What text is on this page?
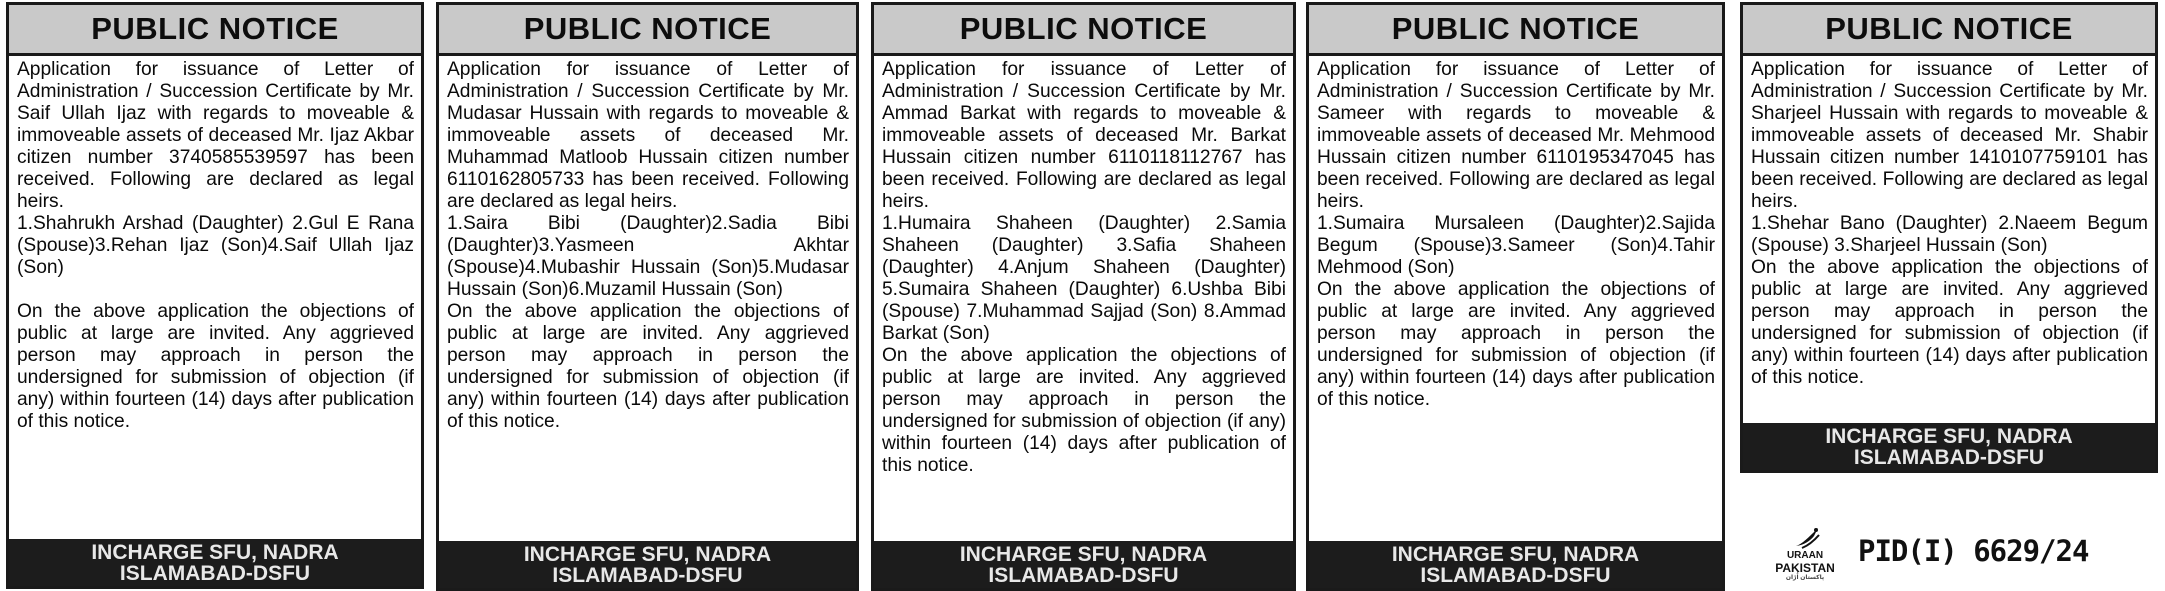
PUBLIC NOTICE
Application for issuance of Letter of Administration / Succession Certificate by Mr. Saif Ullah Ijaz with regards to moveable & immoveable assets of deceased Mr. Ijaz Akbar citizen number 3740585539597 has been received. Following are declared as legal heirs.
1.Shahrukh Arshad (Daughter) 2.Gul E Rana (Spouse)3.Rehan Ijaz (Son)4.Saif Ullah Ijaz (Son)

On the above application the objections of public at large are invited. Any aggrieved person may approach in person the undersigned for submission of objection (if any) within fourteen (14) days after publication of this notice.
INCHARGE SFU, NADRA
ISLAMABAD-DSFU
PUBLIC NOTICE
Application for issuance of Letter of Administration / Succession Certificate by Mr. Mudasar Hussain with regards to moveable & immoveable assets of deceased Mr. Muhammad Matloob Hussain citizen number 6110162805733 has been received. Following are declared as legal heirs.
1.Saira Bibi (Daughter)2.Sadia Bibi (Daughter)3.Yasmeen Akhtar (Spouse)4.Mubashir Hussain (Son)5.Mudasar Hussain (Son)6.Muzamil Hussain (Son)
On the above application the objections of public at large are invited. Any aggrieved person may approach in person the undersigned for submission of objection (if any) within fourteen (14) days after publication of this notice.
INCHARGE SFU, NADRA
ISLAMABAD-DSFU
PUBLIC NOTICE
Application for issuance of Letter of Administration / Succession Certificate by Mr. Ammad Barkat with regards to moveable & immoveable assets of deceased Mr. Barkat Hussain citizen number 6110118112767 has been received. Following are declared as legal heirs.
1.Humaira Shaheen (Daughter) 2.Samia Shaheen (Daughter) 3.Safia Shaheen (Daughter) 4.Anjum Shaheen (Daughter) 5.Sumaira Shaheen (Daughter) 6.Ushba Bibi (Spouse) 7.Muhammad Sajjad (Son) 8.Ammad Barkat (Son)
On the above application the objections of public at large are invited. Any aggrieved person may approach in person the undersigned for submission of objection (if any) within fourteen (14) days after publication of this notice.
INCHARGE SFU, NADRA
ISLAMABAD-DSFU
PUBLIC NOTICE
Application for issuance of Letter of Administration / Succession Certificate by Mr. Sameer with regards to moveable & immoveable assets of deceased Mr. Mehmood Hussain citizen number 6110195347045 has been received. Following are declared as legal heirs.
1.Sumaira Mursaleen (Daughter)2.Sajida Begum (Spouse)3.Sameer (Son)4.Tahir Mehmood (Son)
On the above application the objections of public at large are invited. Any aggrieved person may approach in person the undersigned for submission of objection (if any) within fourteen (14) days after publication of this notice.
INCHARGE SFU, NADRA
ISLAMABAD-DSFU
PUBLIC NOTICE
Application for issuance of Letter of Administration / Succession Certificate by Mr. Sharjeel Hussain with regards to moveable & immoveable assets of deceased Mr. Shabir Hussain citizen number 1410107759101 has been received. Following are declared as legal heirs.
1.Shehar Bano (Daughter) 2.Naeem Begum (Spouse) 3.Sharjeel Hussain (Son)
On the above application the objections of public at large are invited. Any aggrieved person may approach in person the undersigned for submission of objection (if any) within fourteen (14) days after publication of this notice.
INCHARGE SFU, NADRA
ISLAMABAD-DSFU
URAAN
PAKISTAN
پاکستان اُڑان
PID(I) 6629/24
